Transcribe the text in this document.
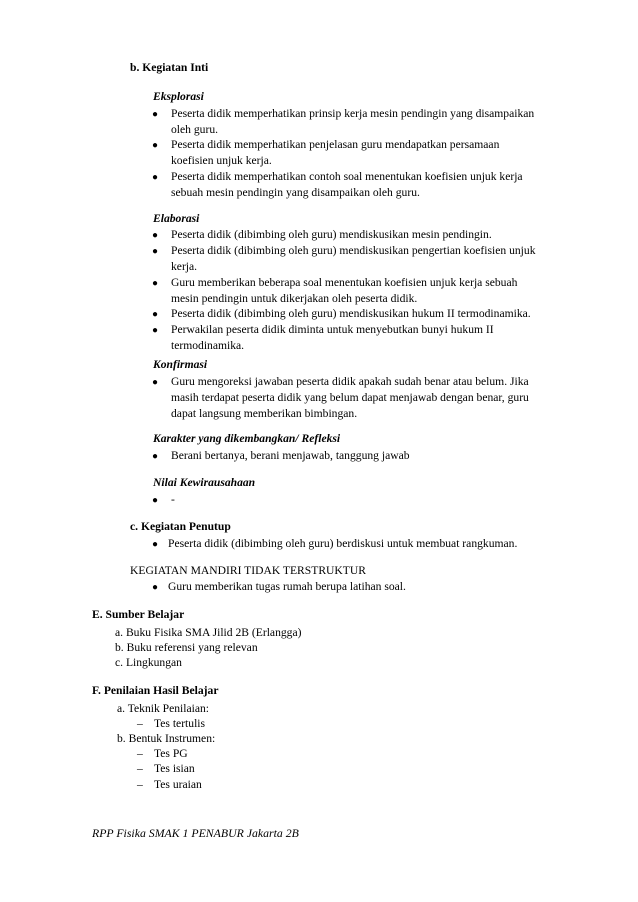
b. Kegiatan Inti
Eksplorasi
● Peserta didik memperhatikan prinsip kerja mesin pendingin yang disampaikan
oleh guru.
● Peserta didik memperhatikan penjelasan guru mendapatkan persamaan
koefisien unjuk kerja.
● Peserta didik memperhatikan contoh soal menentukan koefisien unjuk kerja
sebuah mesin pendingin yang disampaikan oleh guru.
Elaborasi
● Peserta didik (dibimbing oleh guru) mendiskusikan mesin pendingin.
● Peserta didik (dibimbing oleh guru) mendiskusikan pengertian koefisien unjuk
kerja.
● Guru memberikan beberapa soal menentukan koefisien unjuk kerja sebuah
mesin pendingin untuk dikerjakan oleh peserta didik.
● Peserta didik (dibimbing oleh guru) mendiskusikan hukum II termodinamika.
● Perwakilan peserta didik diminta untuk menyebutkan bunyi hukum II
termodinamika.
Konfirmasi
● Guru mengoreksi jawaban peserta didik apakah sudah benar atau belum. Jika
masih terdapat peserta didik yang belum dapat menjawab dengan benar, guru
dapat langsung memberikan bimbingan.
Karakter yang dikembangkan/ Refleksi
● Berani bertanya, berani menjawab, tanggung jawab
Nilai Kewirausahaan
● -
c. Kegiatan Penutup
● Peserta didik (dibimbing oleh guru) berdiskusi untuk membuat rangkuman.
KEGIATAN MANDIRI TIDAK TERSTRUKTUR
● Guru memberikan tugas rumah berupa latihan soal.
E. Sumber Belajar
a. Buku Fisika SMA Jilid 2B (Erlangga)
b. Buku referensi yang relevan
c. Lingkungan
F. Penilaian Hasil Belajar
a. Teknik Penilaian:
– Tes tertulis
b. Bentuk Instrumen:
– Tes PG
– Tes isian
– Tes uraian
RPP Fisika SMAK 1 PENABUR Jakarta 2B
